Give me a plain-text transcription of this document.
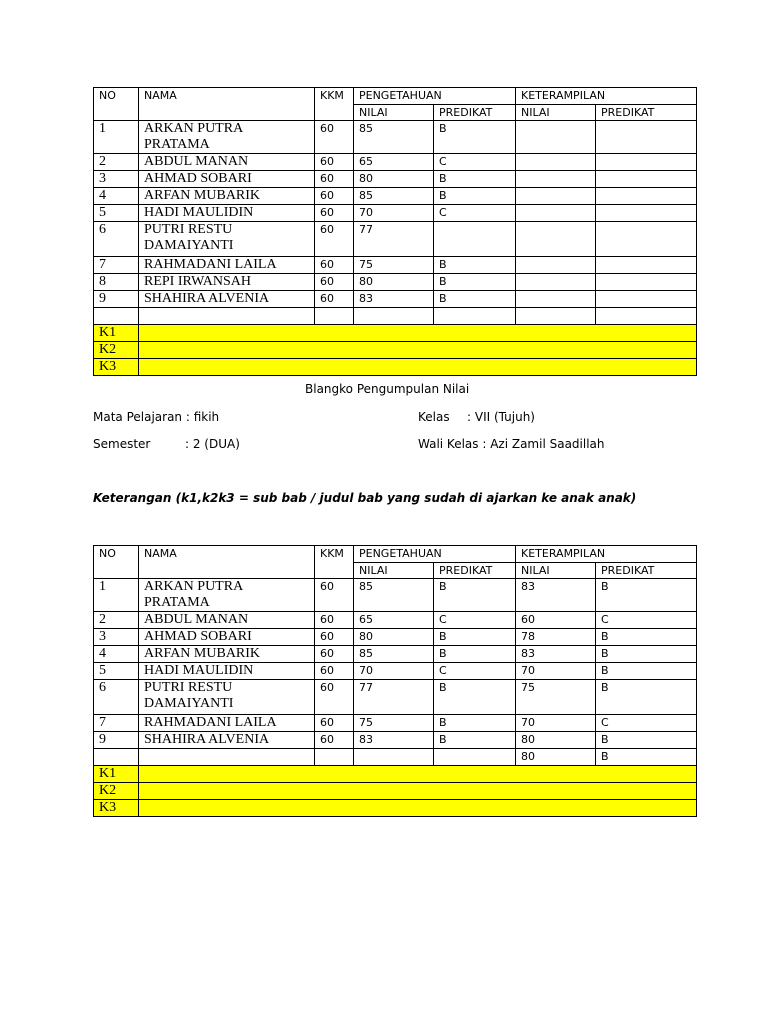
NO	NAMA	KKM	PENGETAHUAN		KETERAMPILAN	
			NILAI	PREDIKAT	NILAI	PREDIKAT
1	ARKAN PUTRA PRATAMA	60	85	B		
2	ABDUL MANAN	60	65	C		
3	AHMAD SOBARI	60	80	B		
4	ARFAN MUBARIK	60	85	B		
5	HADI MAULIDIN	60	70	C		
6	PUTRI RESTU DAMAIYANTI	60	77			
7	RAHMADANI LAILA	60	75	B		
8	REPI IRWANSAH	60	80	B		
9	SHAHIRA ALVENIA	60	83	B		

K1						
K2						
K3						
Blangko Pengumpulan Nilai
Mata Pelajaran : fikih	Kelas : VII (Tujuh)
Semester	: 2 (DUA)	Wali Kelas : Azi Zamil Saadillah
Keterangan (k1,k2k3 = sub bab / judul bab yang sudah di ajarkan ke anak anak)
NO	NAMA	KKM	PENGETAHUAN		KETERAMPILAN	
			NILAI	PREDIKAT	NILAI	PREDIKAT
1	ARKAN PUTRA PRATAMA	60	85	B	83	B
2	ABDUL MANAN	60	65	C	60	C
3	AHMAD SOBARI	60	80	B	78	B
4	ARFAN MUBARIK	60	85	B	83	B
5	HADI MAULIDIN	60	70	C	70	B
6	PUTRI RESTU DAMAIYANTI	60	77	B	75	B
7	RAHMADANI LAILA	60	75	B	70	C
9	SHAHIRA ALVENIA	60	83	B	80	B
					80	B
K1						
K2						
K3						
